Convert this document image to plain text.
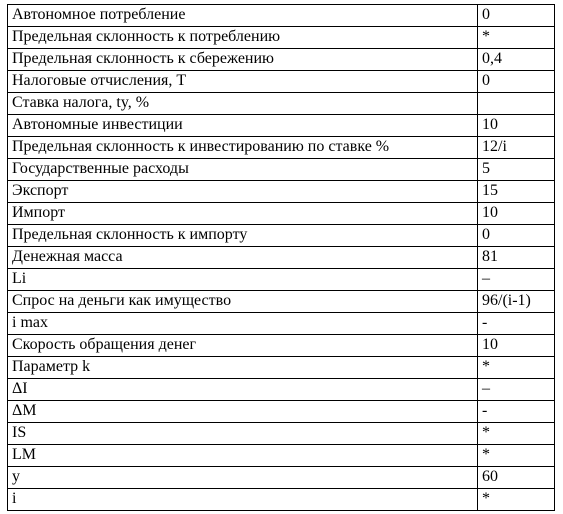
Автономное потребление	0
Предельная склонность к потреблению	*
Предельная склонность к сбережению	0,4
Налоговые отчисления, Т	0
Ставка налога, ty, %	
Автономные инвестиции	10
Предельная склонность к инвестированию по ставке %	12/i
Государственные расходы	5
Экспорт	15
Импорт	10
Предельная склонность к импорту	0
Денежная масса	81
Li	–
Спрос на деньги как имущество	96/(i-1)
i max	-
Скорость обращения денег	10
Параметр k	*
ΔI	–
ΔM	-
IS	*
LM	*
y	60
i	*
